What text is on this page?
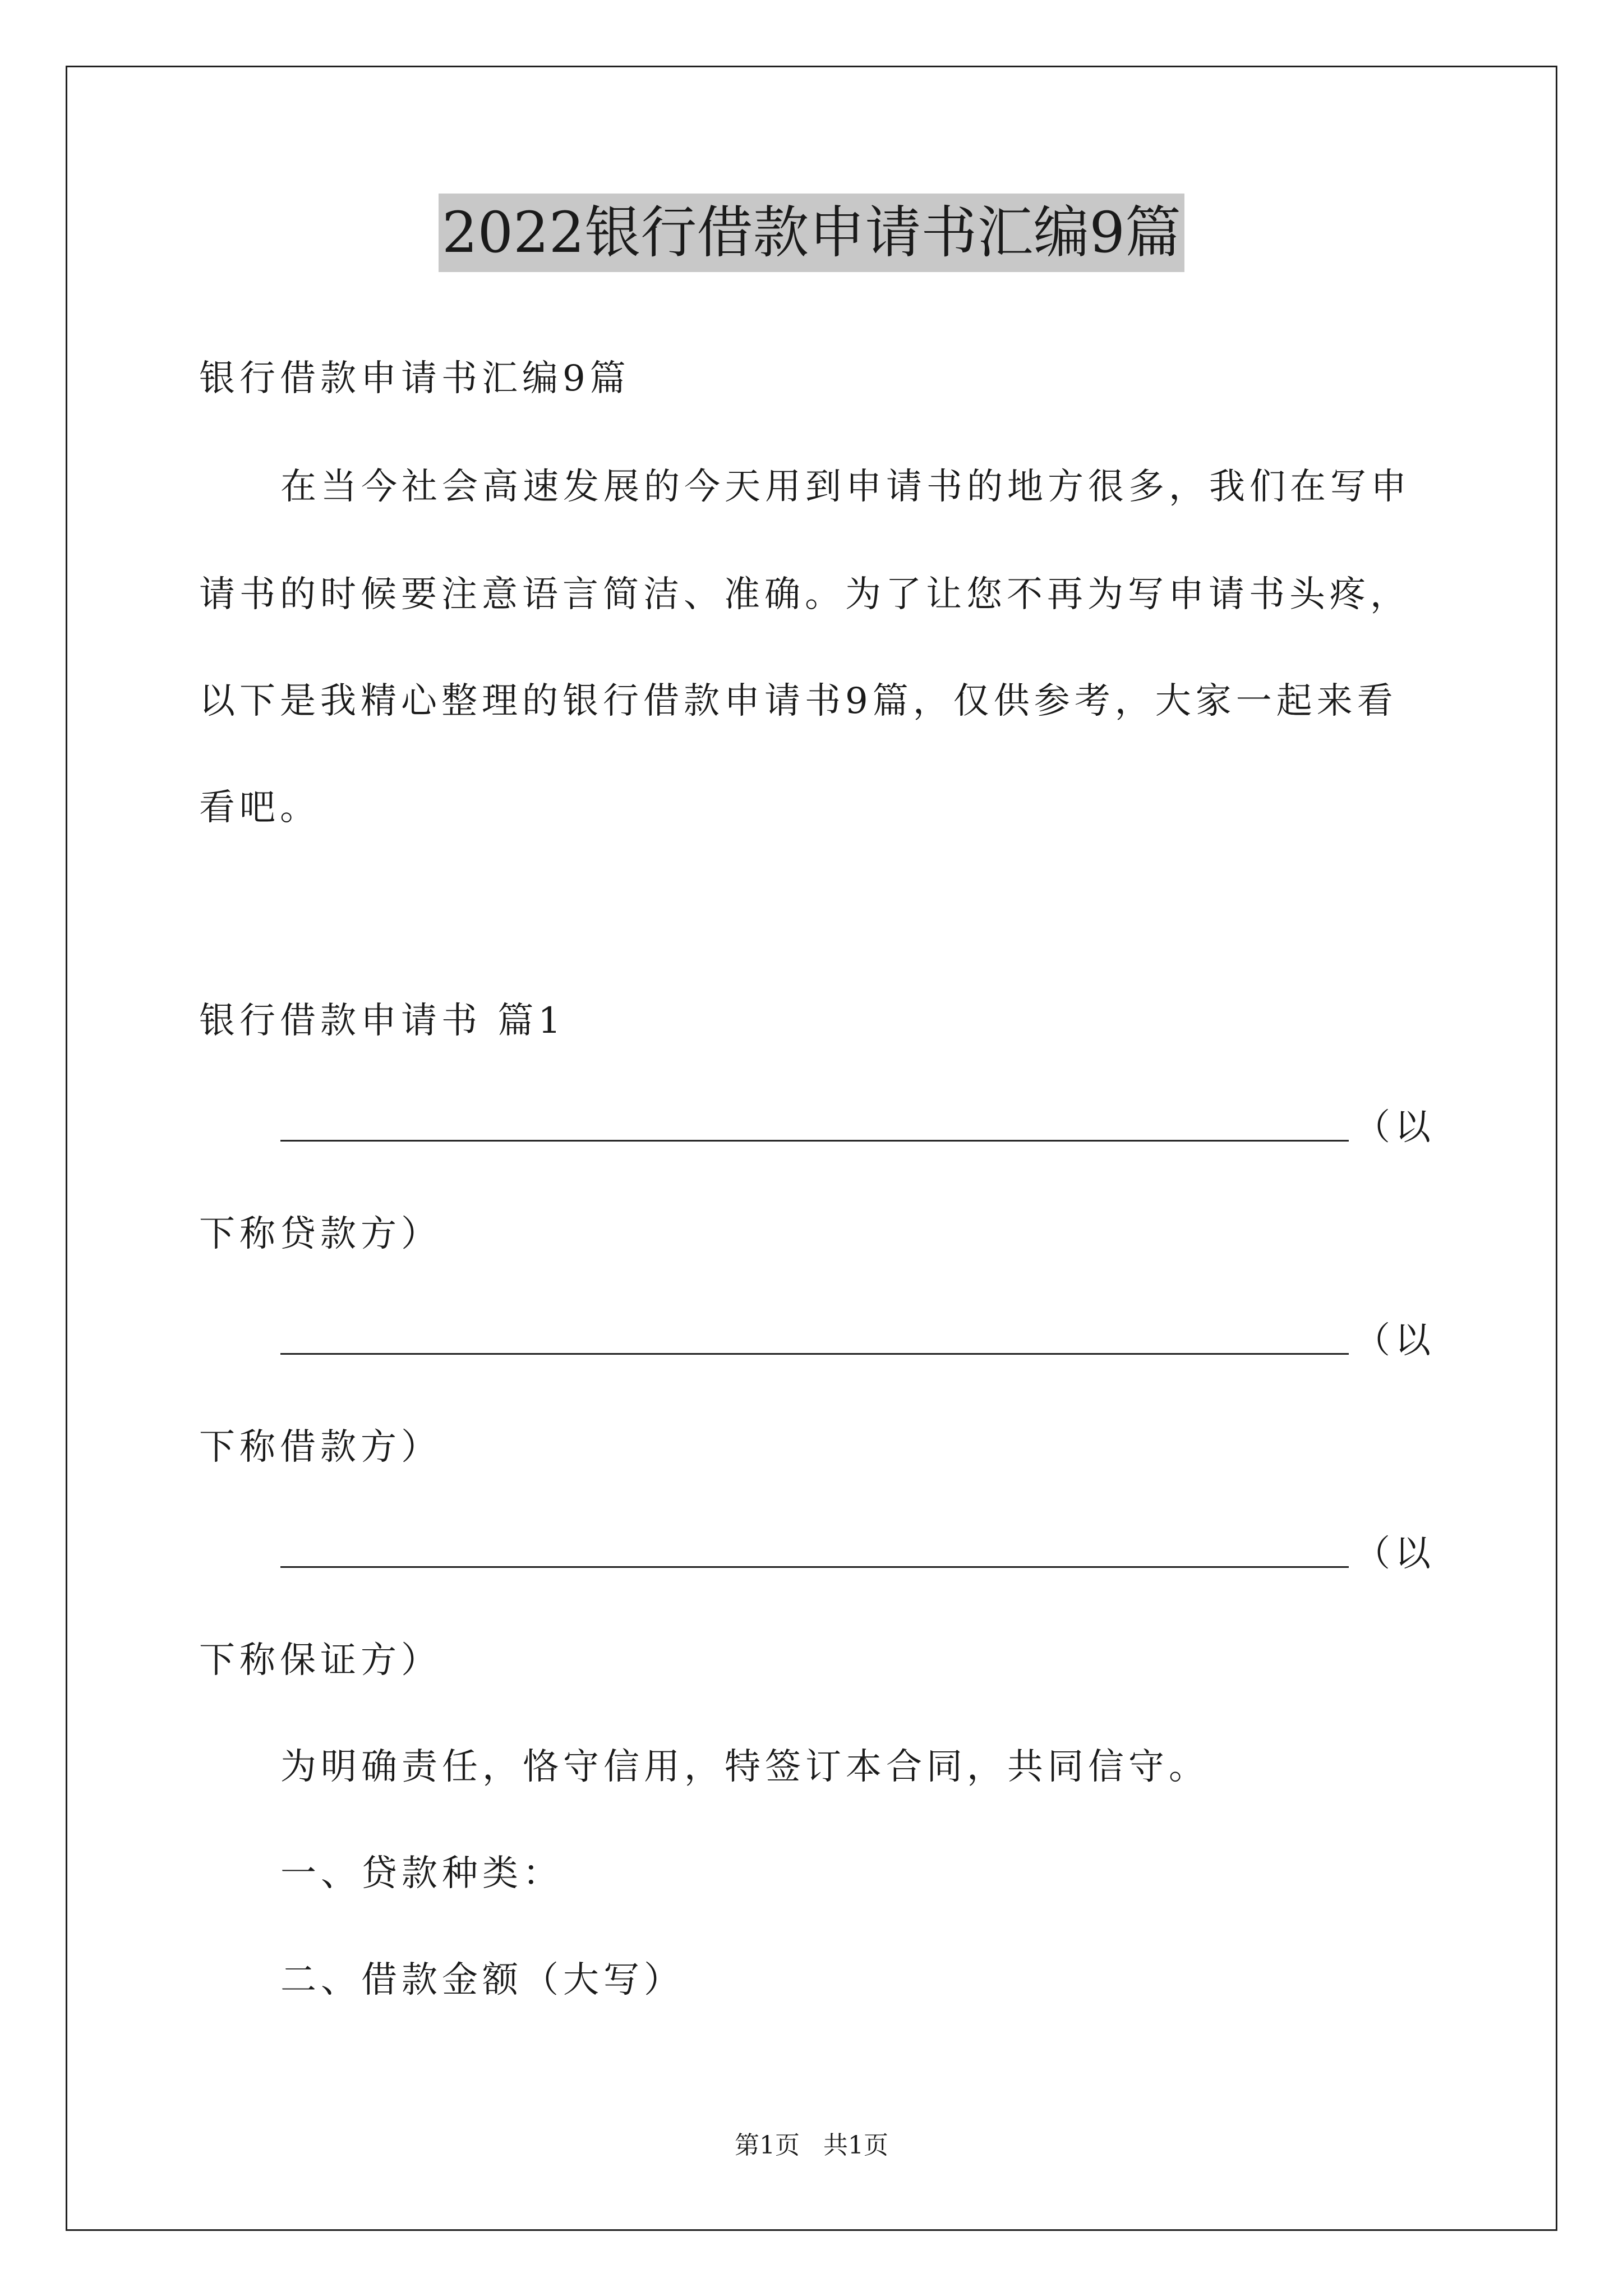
2022银行借款申请书汇编9篇
银行借款申请书汇编9篇
在当今社会高速发展的今天用到申请书的地方很多，我们在写申
请书的时候要注意语言简洁、准确。为了让您不再为写申请书头疼，
以下是我精心整理的银行借款申请书9篇，仅供参考，大家一起来看
看吧。
银行借款申请书 篇1
（以
下称贷款方）
（以
下称借款方）
（以
下称保证方）
为明确责任，恪守信用，特签订本合同，共同信守。
一、贷款种类：
二、借款金额（大写）
第1页   共1页
